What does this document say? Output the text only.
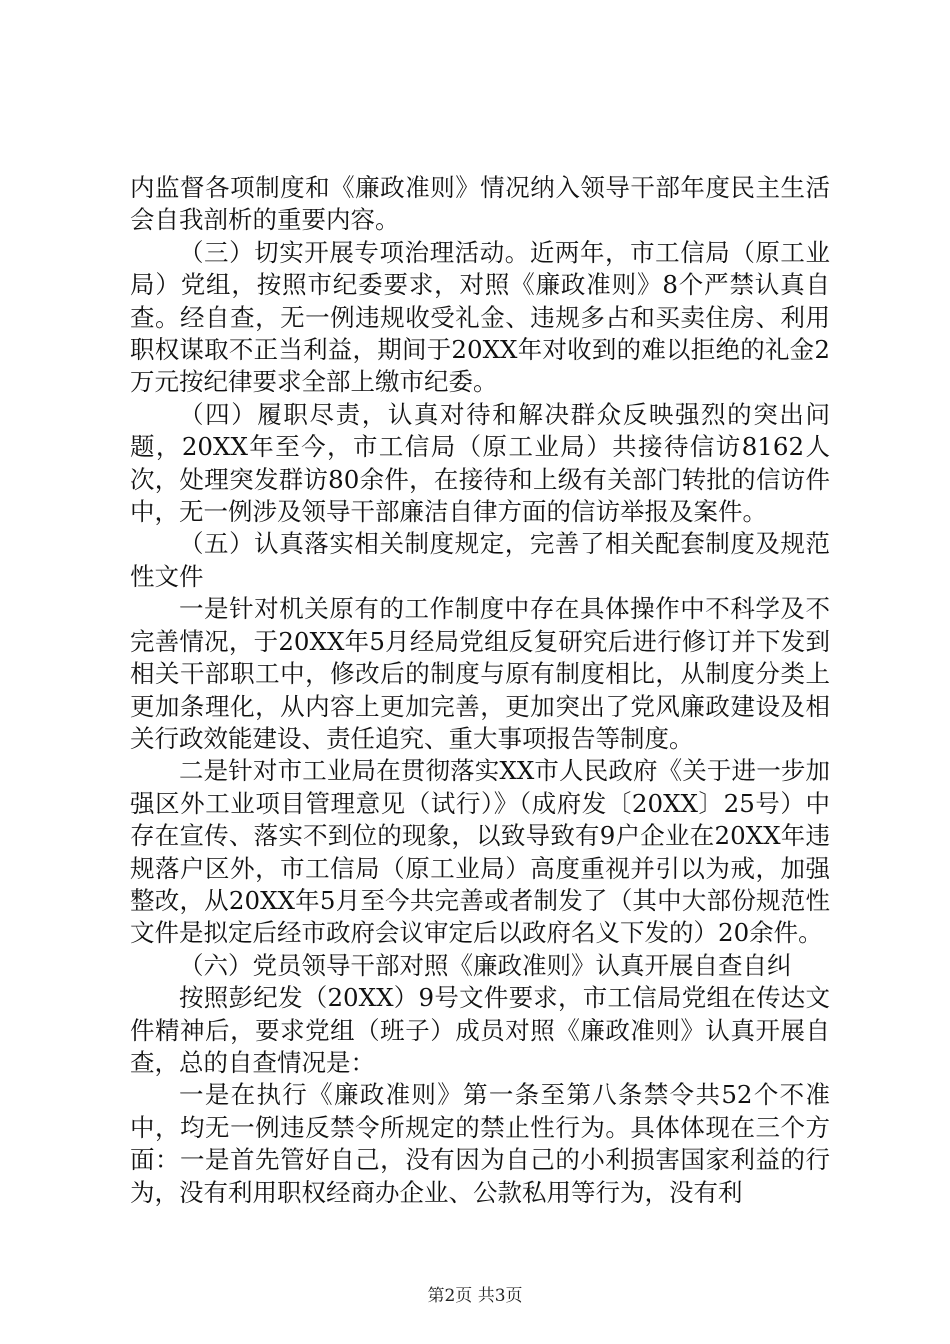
内监督各项制度和《廉政准则》情况纳入领导干部年度民主生活会自我剖析的重要内容。

（三）切实开展专项治理活动。近两年，市工信局（原工业局）党组，按照市纪委要求，对照《廉政准则》8个严禁认真自查。经自查，无一例违规收受礼金、违规多占和买卖住房、利用职权谋取不正当利益，期间于20XX年对收到的难以拒绝的礼金2万元按纪律要求全部上缴市纪委。

（四）履职尽责，认真对待和解决群众反映强烈的突出问题，20XX年至今，市工信局（原工业局）共接待信访8162人次，处理突发群访80余件，在接待和上级有关部门转批的信访件中，无一例涉及领导干部廉洁自律方面的信访举报及案件。

（五）认真落实相关制度规定，完善了相关配套制度及规范性文件

一是针对机关原有的工作制度中存在具体操作中不科学及不完善情况，于20XX年5月经局党组反复研究后进行修订并下发到相关干部职工中，修改后的制度与原有制度相比，从制度分类上更加条理化，从内容上更加完善，更加突出了党风廉政建设及相关行政效能建设、责任追究、重大事项报告等制度。

二是针对市工业局在贯彻落实XX市人民政府《关于进一步加强区外工业项目管理意见（试行）》（成府发〔20XX〕25号）中存在宣传、落实不到位的现象，以致导致有9户企业在20XX年违规落户区外，市工信局（原工业局）高度重视并引以为戒，加强整改，从20XX年5月至今共完善或者制发了（其中大部份规范性文件是拟定后经市政府会议审定后以政府名义下发的）20余件。

（六）党员领导干部对照《廉政准则》认真开展自查自纠

按照彭纪发（20XX）9号文件要求，市工信局党组在传达文件精神后，要求党组（班子）成员对照《廉政准则》认真开展自查，总的自查情况是：

一是在执行《廉政准则》第一条至第八条禁令共52个不准中，均无一例违反禁令所规定的禁止性行为。具体体现在三个方面：一是首先管好自己，没有因为自己的小利损害国家利益的行为，没有利用职权经商办企业、公款私用等行为，没有利

第2页 共3页
